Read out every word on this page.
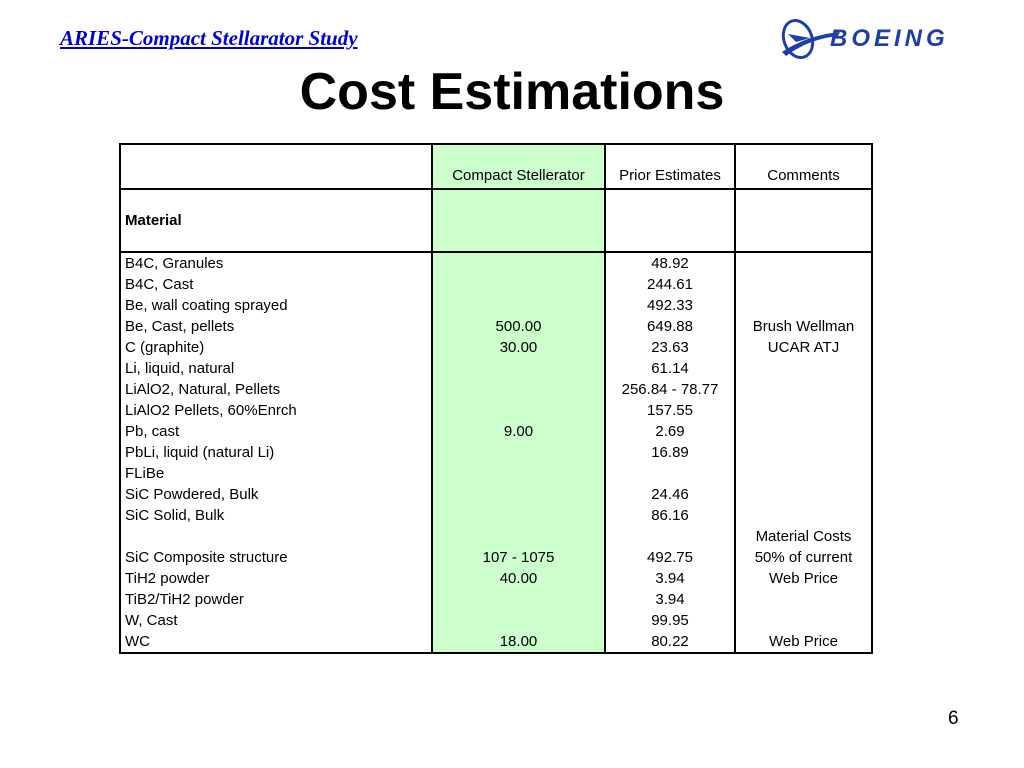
ARIES-Compact Stellarator Study	BOEING
Cost Estimations
	Compact Stellerator	Prior Estimates	Comments
Material			
B4C, Granules		48.92	
B4C, Cast		244.61	
Be, wall coating sprayed		492.33	
Be, Cast, pellets	500.00	649.88	Brush Wellman
C (graphite)	30.00	23.63	UCAR ATJ
Li, liquid, natural		61.14	
LiAlO2, Natural, Pellets		256.84 - 78.77	
LiAlO2 Pellets, 60%Enrch		157.55	
Pb, cast	9.00	2.69	
PbLi, liquid (natural Li)		16.89	
FLiBe			
SiC Powdered, Bulk		24.46	
SiC Solid, Bulk		86.16	
			Material Costs
SiC Composite structure	107 - 1075	492.75	50% of current
TiH2 powder	40.00	3.94	Web Price
TiB2/TiH2 powder		3.94	
W, Cast		99.95	
WC	18.00	80.22	Web Price
6
